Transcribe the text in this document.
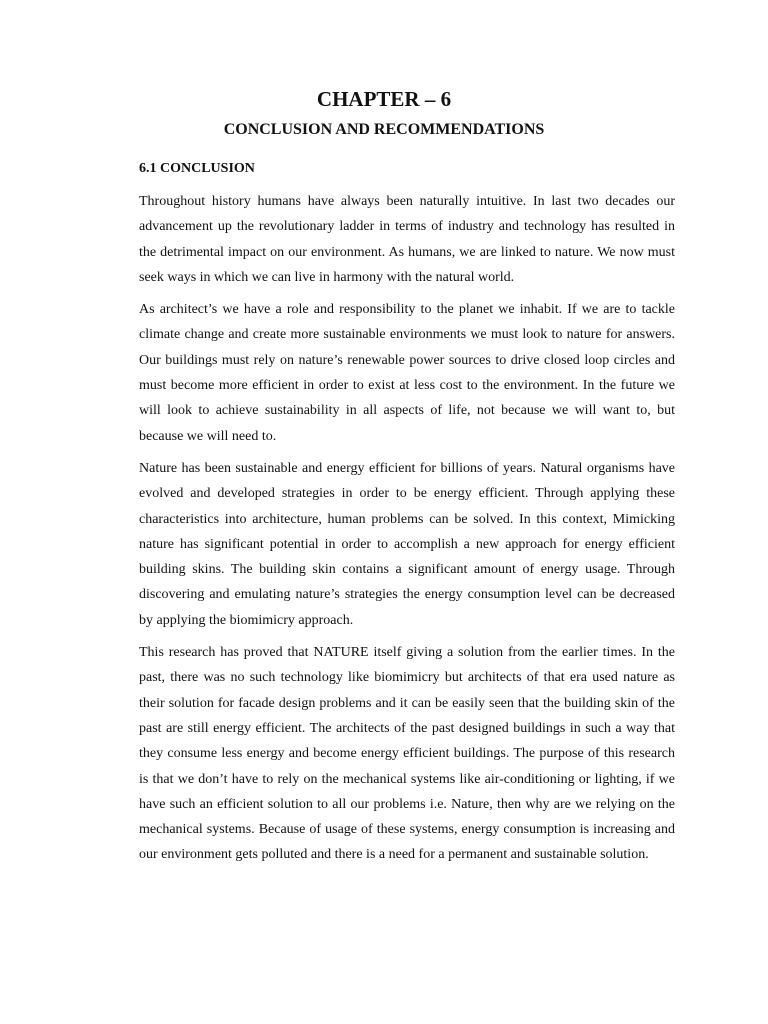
CHAPTER – 6
CONCLUSION AND RECOMMENDATIONS
6.1 CONCLUSION

Throughout history humans have always been naturally intuitive. In last two decades our advancement up the revolutionary ladder in terms of industry and technology has resulted in the detrimental impact on our environment. As humans, we are linked to nature. We now must seek ways in which we can live in harmony with the natural world.

As architect’s we have a role and responsibility to the planet we inhabit. If we are to tackle climate change and create more sustainable environments we must look to nature for answers. Our buildings must rely on nature’s renewable power sources to drive closed loop circles and must become more efficient in order to exist at less cost to the environment. In the future we will look to achieve sustainability in all aspects of life, not because we will want to, but because we will need to.

Nature has been sustainable and energy efficient for billions of years. Natural organisms have evolved and developed strategies in order to be energy efficient. Through applying these characteristics into architecture, human problems can be solved. In this context, Mimicking nature has significant potential in order to accomplish a new approach for energy efficient building skins. The building skin contains a significant amount of energy usage. Through discovering and emulating nature’s strategies the energy consumption level can be decreased by applying the biomimicry approach.

This research has proved that NATURE itself giving a solution from the earlier times. In the past, there was no such technology like biomimicry but architects of that era used nature as their solution for facade design problems and it can be easily seen that the building skin of the past are still energy efficient. The architects of the past designed buildings in such a way that they consume less energy and become energy efficient buildings. The purpose of this research is that we don’t have to rely on the mechanical systems like air-conditioning or lighting, if we have such an efficient solution to all our problems i.e. Nature, then why are we relying on the mechanical systems. Because of usage of these systems, energy consumption is increasing and our environment gets polluted and there is a need for a permanent and sustainable solution.
